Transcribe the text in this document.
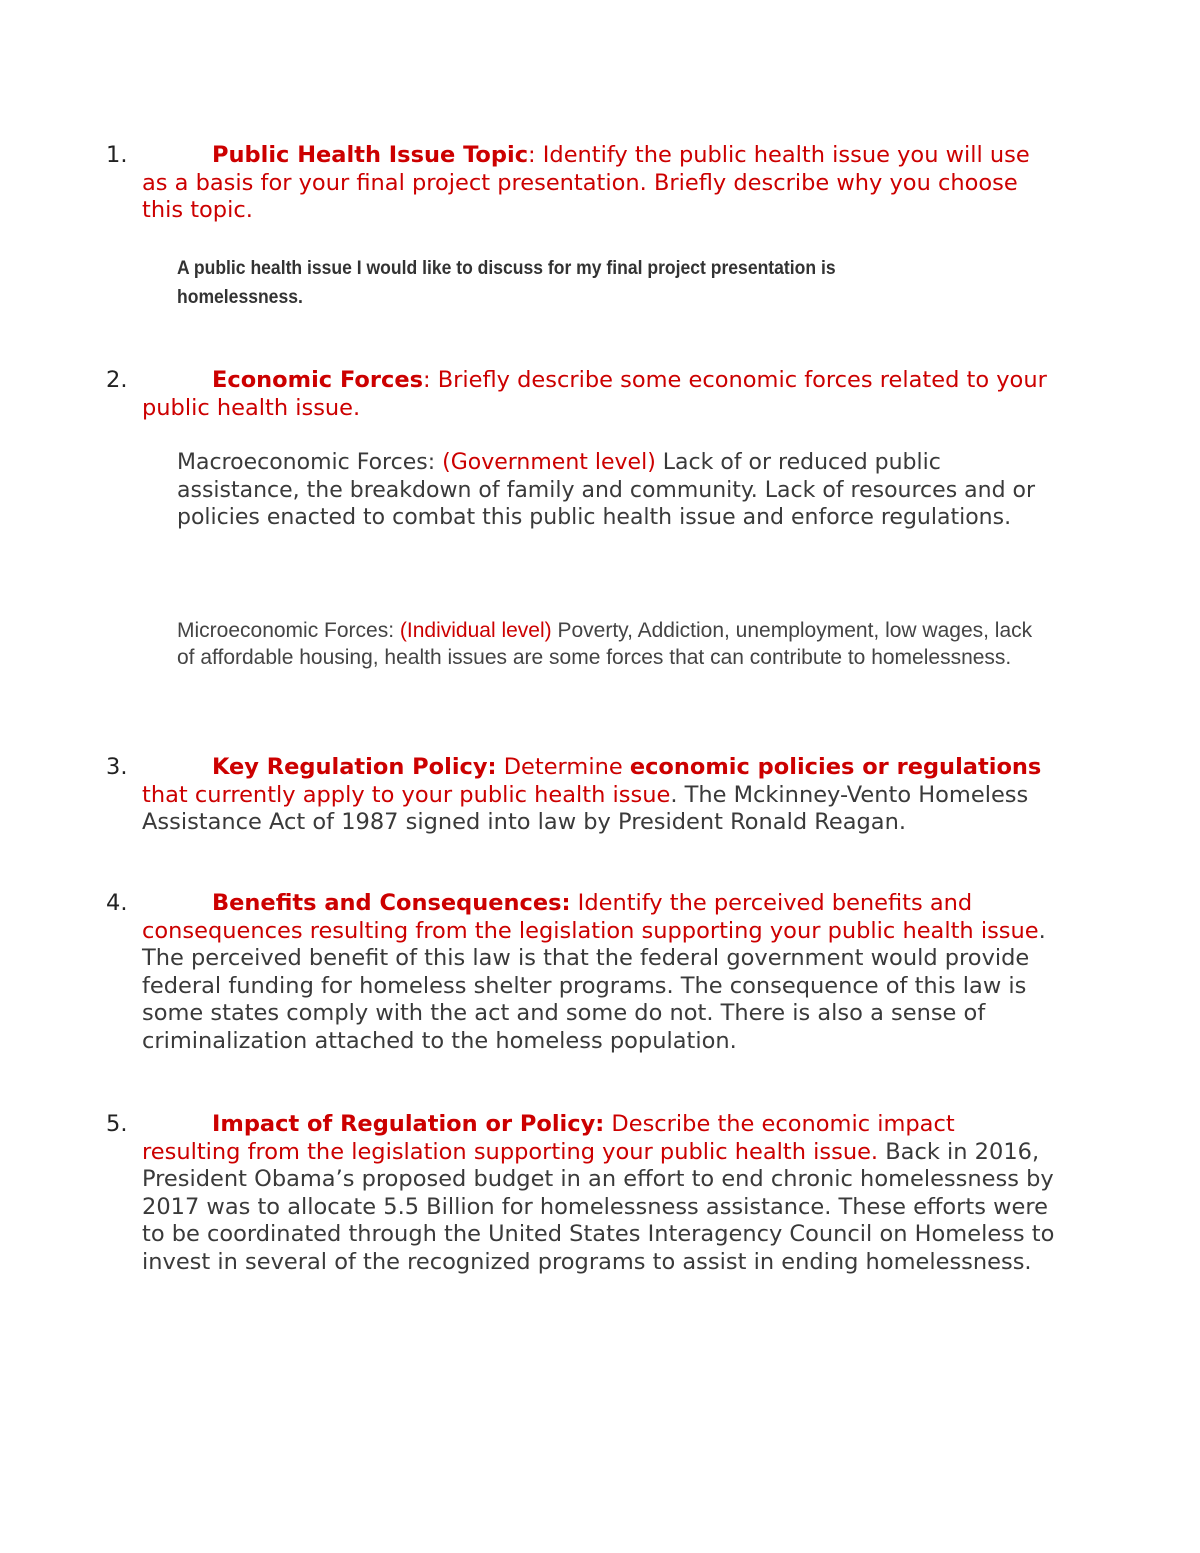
1.	Public Health Issue Topic: Identify the public health issue you will use as a basis for your final project presentation. Briefly describe why you choose this topic.
A public health issue I would like to discuss for my final project presentation is homelessness.
2.	Economic Forces: Briefly describe some economic forces related to your public health issue.
Macroeconomic Forces: (Government level) Lack of or reduced public assistance, the breakdown of family and community. Lack of resources and or policies enacted to combat this public health issue and enforce regulations.
Microeconomic Forces: (Individual level) Poverty, Addiction, unemployment, low wages, lack of affordable housing, health issues are some forces that can contribute to homelessness.
3.	Key Regulation Policy: Determine economic policies or regulations that currently apply to your public health issue. The Mckinney-Vento Homeless Assistance Act of 1987 signed into law by President Ronald Reagan.
4.	Benefits and Consequences: Identify the perceived benefits and consequences resulting from the legislation supporting your public health issue. The perceived benefit of this law is that the federal government would provide federal funding for homeless shelter programs. The consequence of this law is some states comply with the act and some do not. There is also a sense of criminalization attached to the homeless population.
5.	Impact of Regulation or Policy: Describe the economic impact resulting from the legislation supporting your public health issue. Back in 2016, President Obama’s proposed budget in an effort to end chronic homelessness by 2017 was to allocate 5.5 Billion for homelessness assistance. These efforts were to be coordinated through the United States Interagency Council on Homeless to invest in several of the recognized programs to assist in ending homelessness.
